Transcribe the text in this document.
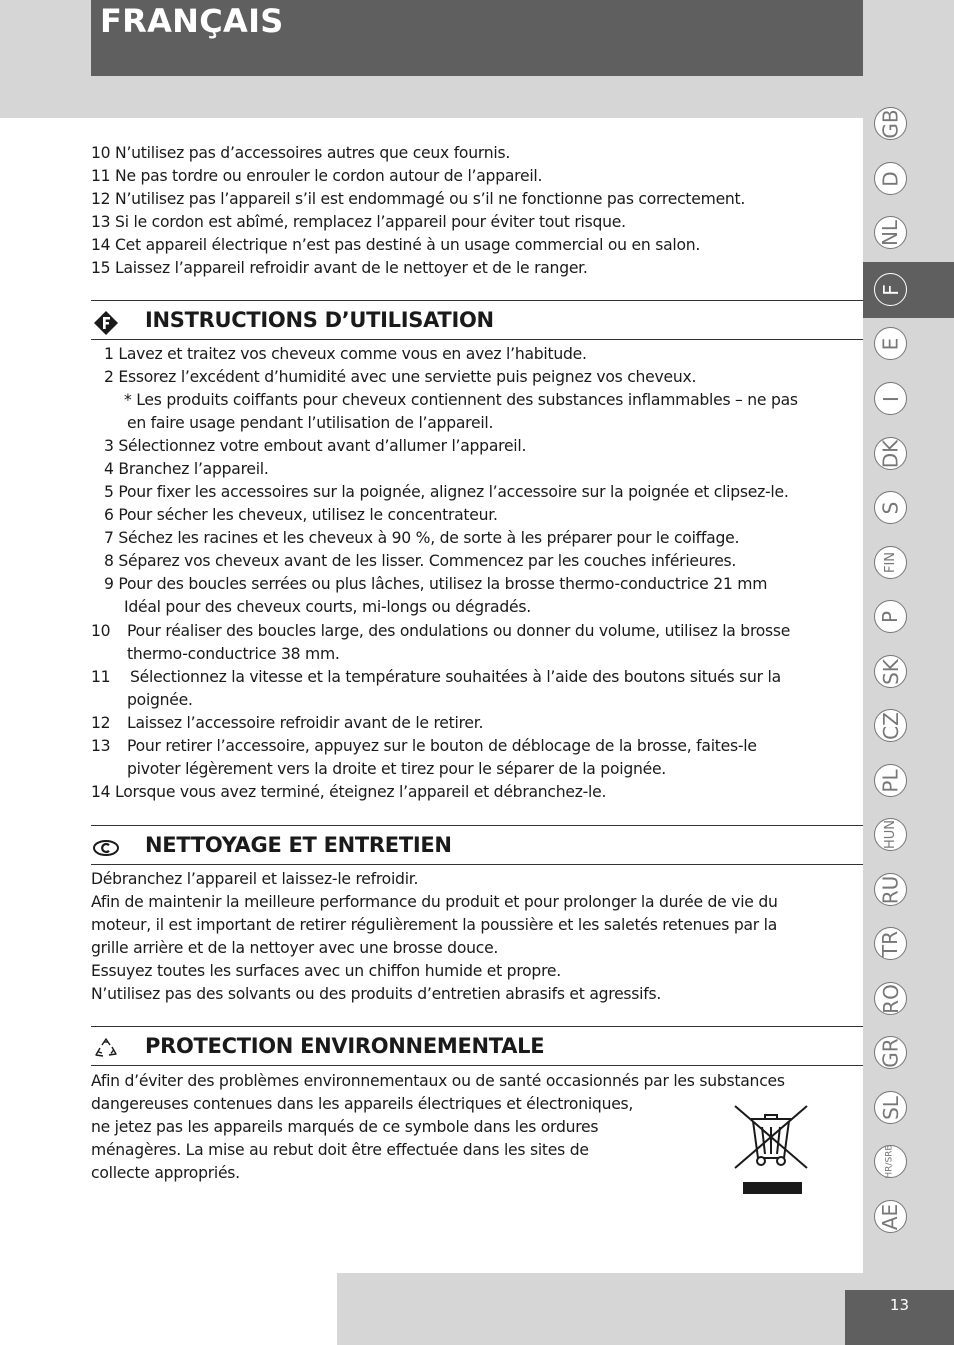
FRANÇAIS
13
10 N’utilisez pas d’accessoires autres que ceux fournis.
11 Ne pas tordre ou enrouler le cordon autour de l’appareil.
12 N’utilisez pas l’appareil s’il est endommagé ou s’il ne fonctionne pas correctement.
13 Si le cordon est abîmé, remplacez l’appareil pour éviter tout risque.
14 Cet appareil électrique n’est pas destiné à un usage commercial ou en salon.
15 Laissez l’appareil refroidir avant de le nettoyer et de le ranger.
INSTRUCTIONS D’UTILISATION
1 Lavez et traitez vos cheveux comme vous en avez l’habitude.
2 Essorez l’excédent d’humidité avec une serviette puis peignez vos cheveux.
* Les produits coiffants pour cheveux contiennent des substances inflammables – ne pas
en faire usage pendant l’utilisation de l’appareil.
3 Sélectionnez votre embout avant d’allumer l’appareil.
4 Branchez l’appareil.
5 Pour fixer les accessoires sur la poignée, alignez l’accessoire sur la poignée et clipsez-le.
6 Pour sécher les cheveux, utilisez le concentrateur.
7 Séchez les racines et les cheveux à 90 %, de sorte à les préparer pour le coiffage.
8 Séparez vos cheveux avant de les lisser. Commencez par les couches inférieures.
9 Pour des boucles serrées ou plus lâches, utilisez la brosse thermo-conductrice 21 mm
Idéal pour des cheveux courts, mi-longs ou dégradés.
10 Pour réaliser des boucles large, des ondulations ou donner du volume, utilisez la brosse
thermo-conductrice 38 mm.
11 Sélectionnez la vitesse et la température souhaitées à l’aide des boutons situés sur la
poignée.
12 Laissez l’accessoire refroidir avant de le retirer.
13 Pour retirer l’accessoire, appuyez sur le bouton de déblocage de la brosse, faites-le
pivoter légèrement vers la droite et tirez pour le séparer de la poignée.
14 Lorsque vous avez terminé, éteignez l’appareil et débranchez-le.
NETTOYAGE ET ENTRETIEN
Débranchez l’appareil et laissez-le refroidir.
Afin de maintenir la meilleure performance du produit et pour prolonger la durée de vie du
moteur, il est important de retirer régulièrement la poussière et les saletés retenues par la
grille arrière et de la nettoyer avec une brosse douce.
Essuyez toutes les surfaces avec un chiffon humide et propre.
N’utilisez pas des solvants ou des produits d’entretien abrasifs et agressifs.
PROTECTION ENVIRONNEMENTALE
Afin d’éviter des problèmes environnementaux ou de santé occasionnés par les substances
dangereuses contenues dans les appareils électriques et électroniques,
ne jetez pas les appareils marqués de ce symbole dans les ordures
ménagères. La mise au rebut doit être effectuée dans les sites de
collecte appropriés.
GB
D
NL
F
E
I
DK
S
FIN
P
SK
CZ
PL
HUN
RU
TR
RO
GR
SL
HR/SRB
AE
